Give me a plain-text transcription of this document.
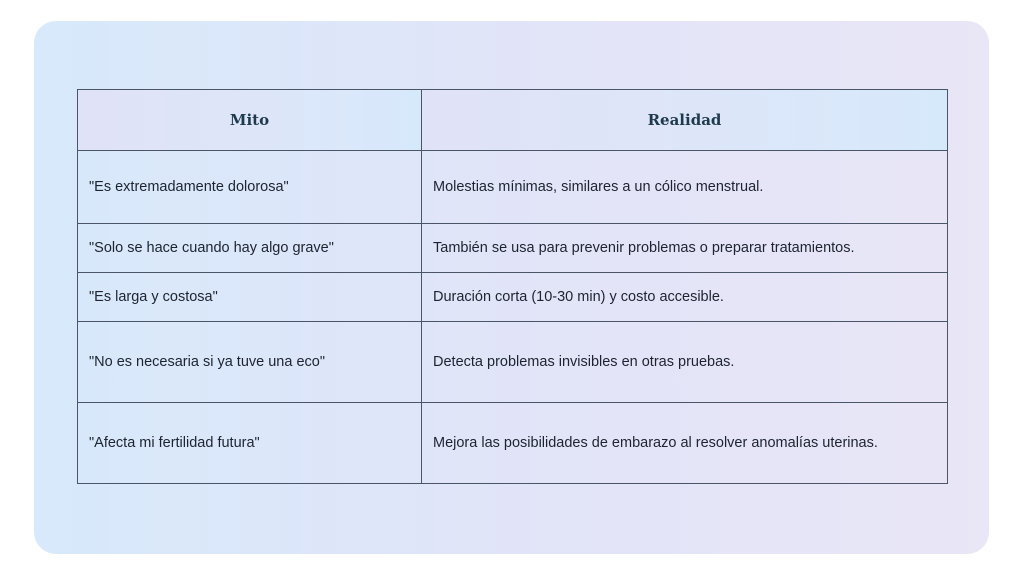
Mito	Realidad
"Es extremadamente dolorosa"	Molestias mínimas, similares a un cólico menstrual.
"Solo se hace cuando hay algo grave"	También se usa para prevenir problemas o preparar tratamientos.
"Es larga y costosa"	Duración corta (10-30 min) y costo accesible.
"No es necesaria si ya tuve una eco"	Detecta problemas invisibles en otras pruebas.
"Afecta mi fertilidad futura"	Mejora las posibilidades de embarazo al resolver anomalías uterinas.
